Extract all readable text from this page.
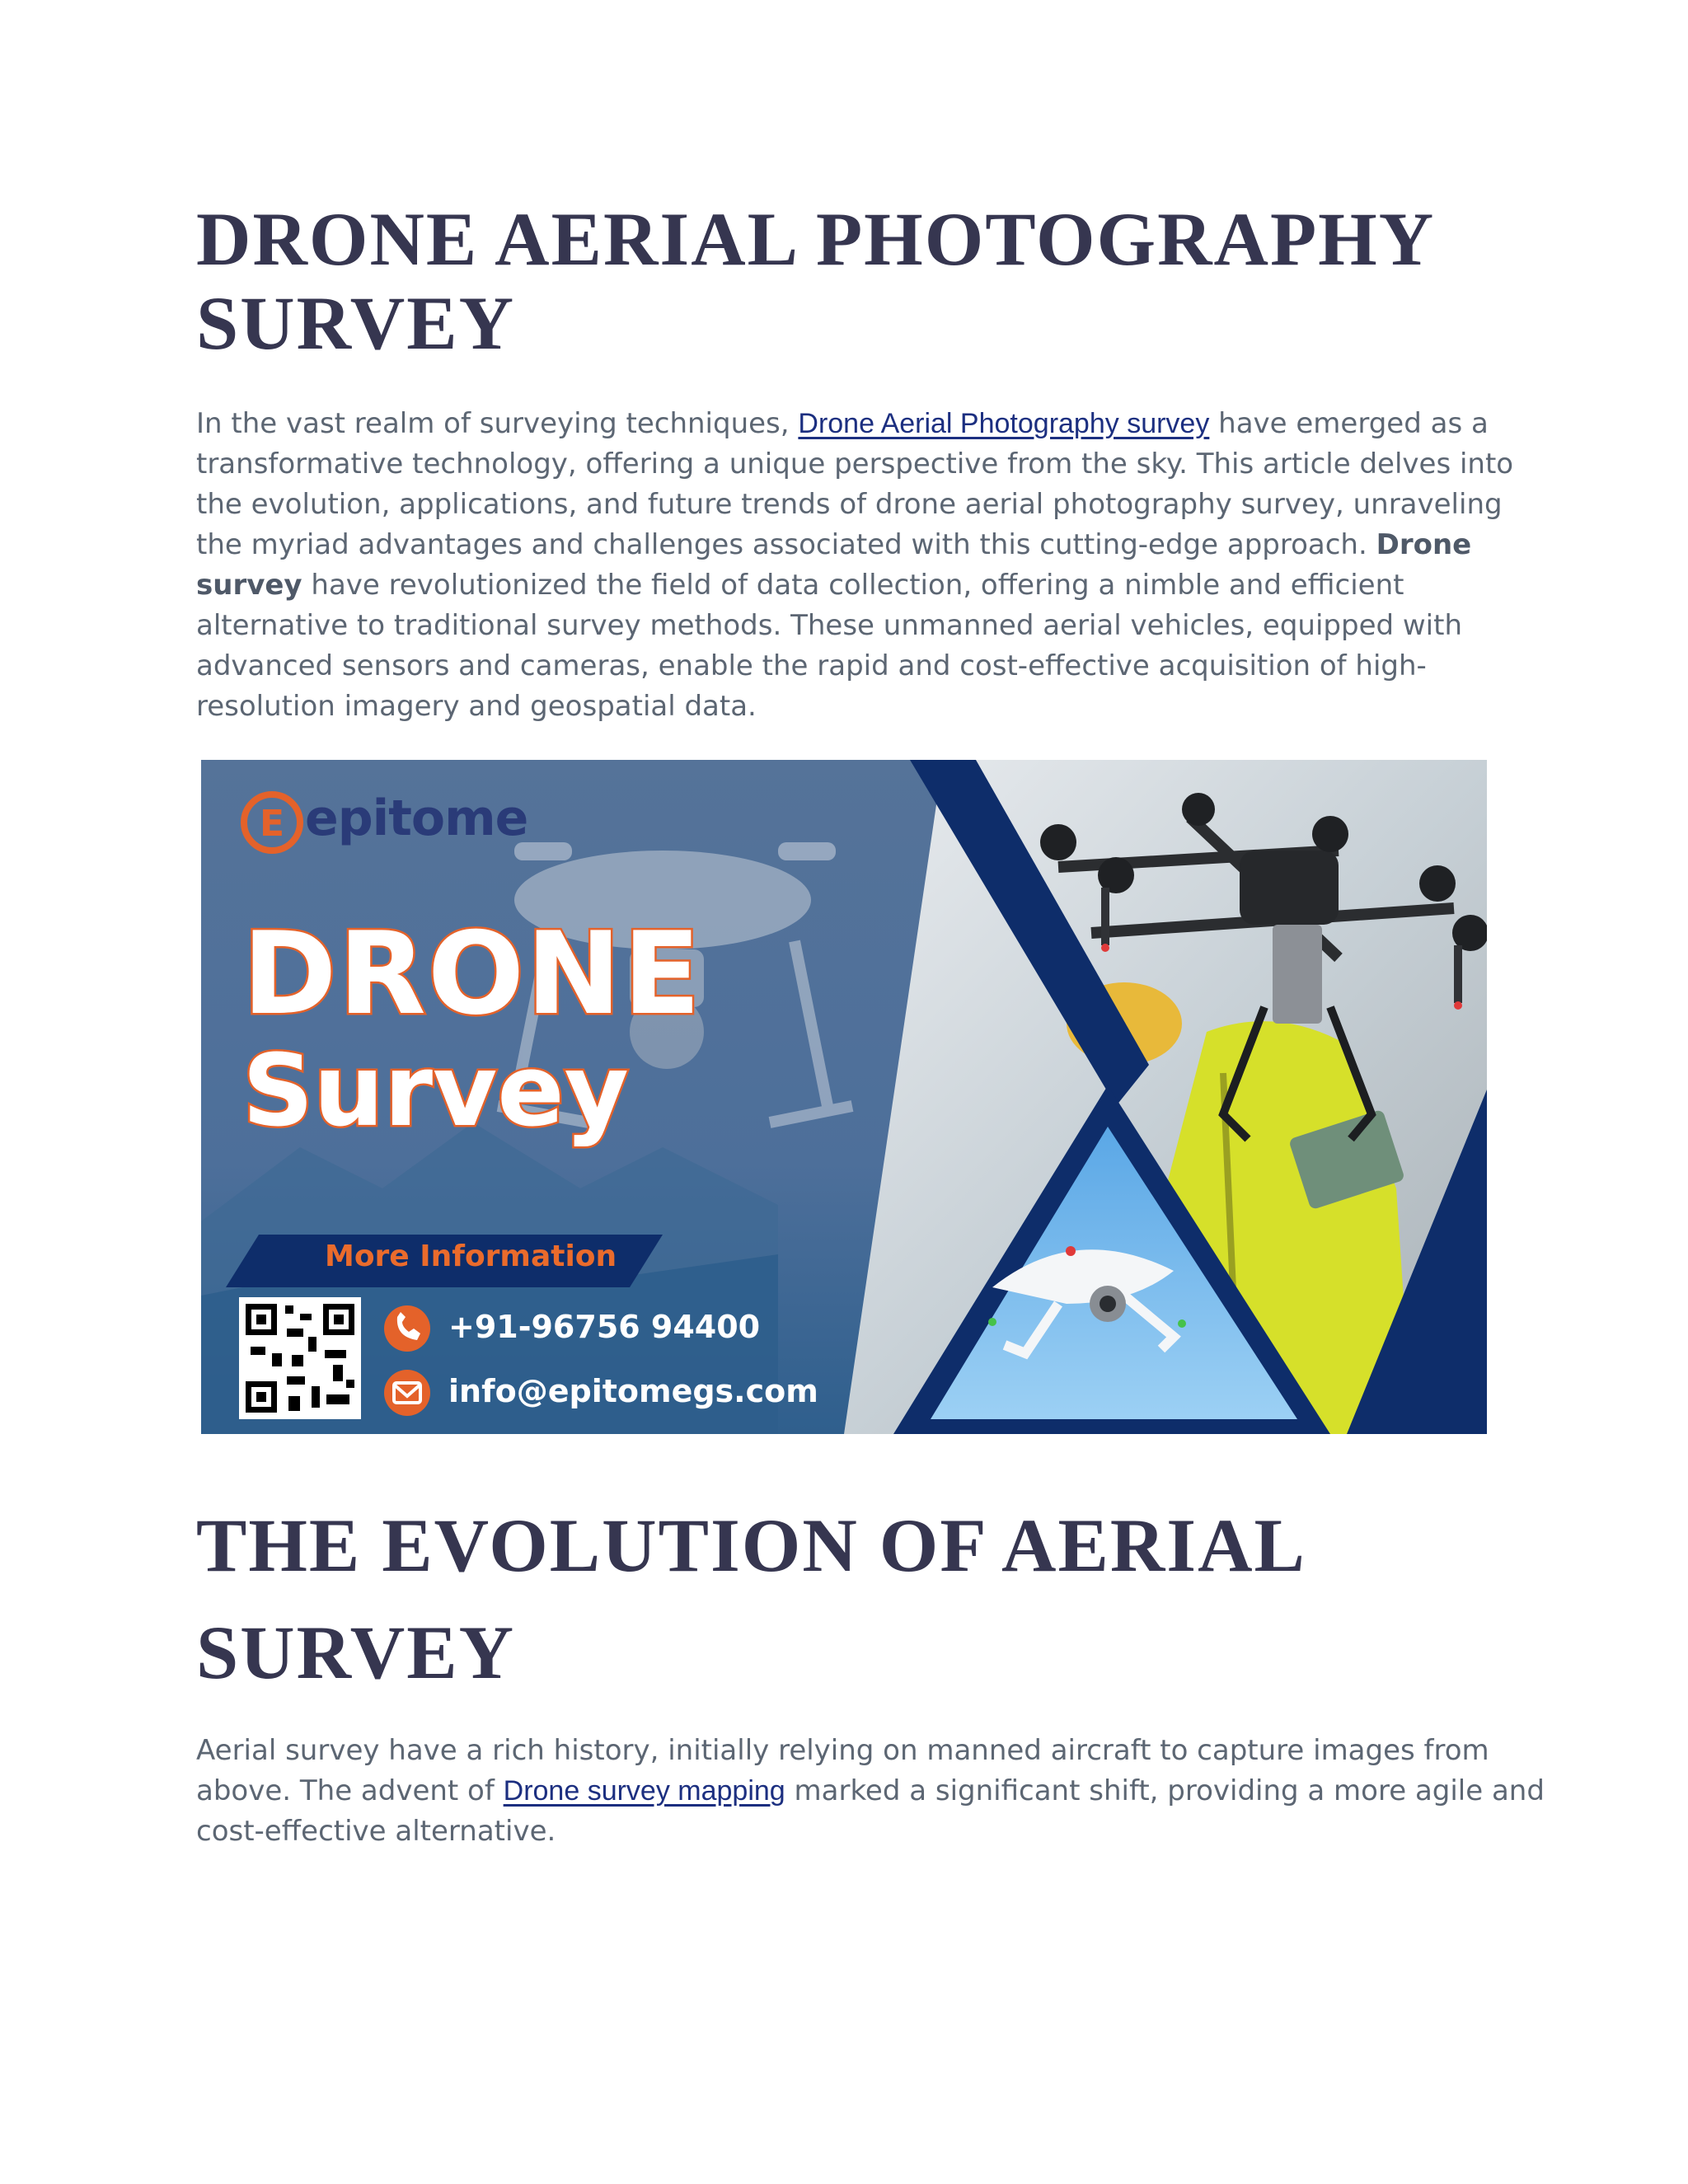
DRONE AERIAL PHOTOGRAPHY
SURVEY

In the vast realm of surveying techniques, Drone Aerial Photography survey have emerged as a
transformative technology, offering a unique perspective from the sky. This article delves into
the evolution, applications, and future trends of drone aerial photography survey, unraveling
the myriad advantages and challenges associated with this cutting-edge approach. Drone
survey have revolutionized the field of data collection, offering a nimble and efficient
alternative to traditional survey methods. These unmanned aerial vehicles, equipped with
advanced sensors and cameras, enable the rapid and cost-effective acquisition of high-
resolution imagery and geospatial data.

E epitome
DRONE
Survey
More Information
+91-96756 94400
info@epitomegs.com
THE EVOLUTION OF AERIAL
SURVEY

Aerial survey have a rich history, initially relying on manned aircraft to capture images from
above. The advent of Drone survey mapping marked a significant shift, providing a more agile and
cost-effective alternative.
